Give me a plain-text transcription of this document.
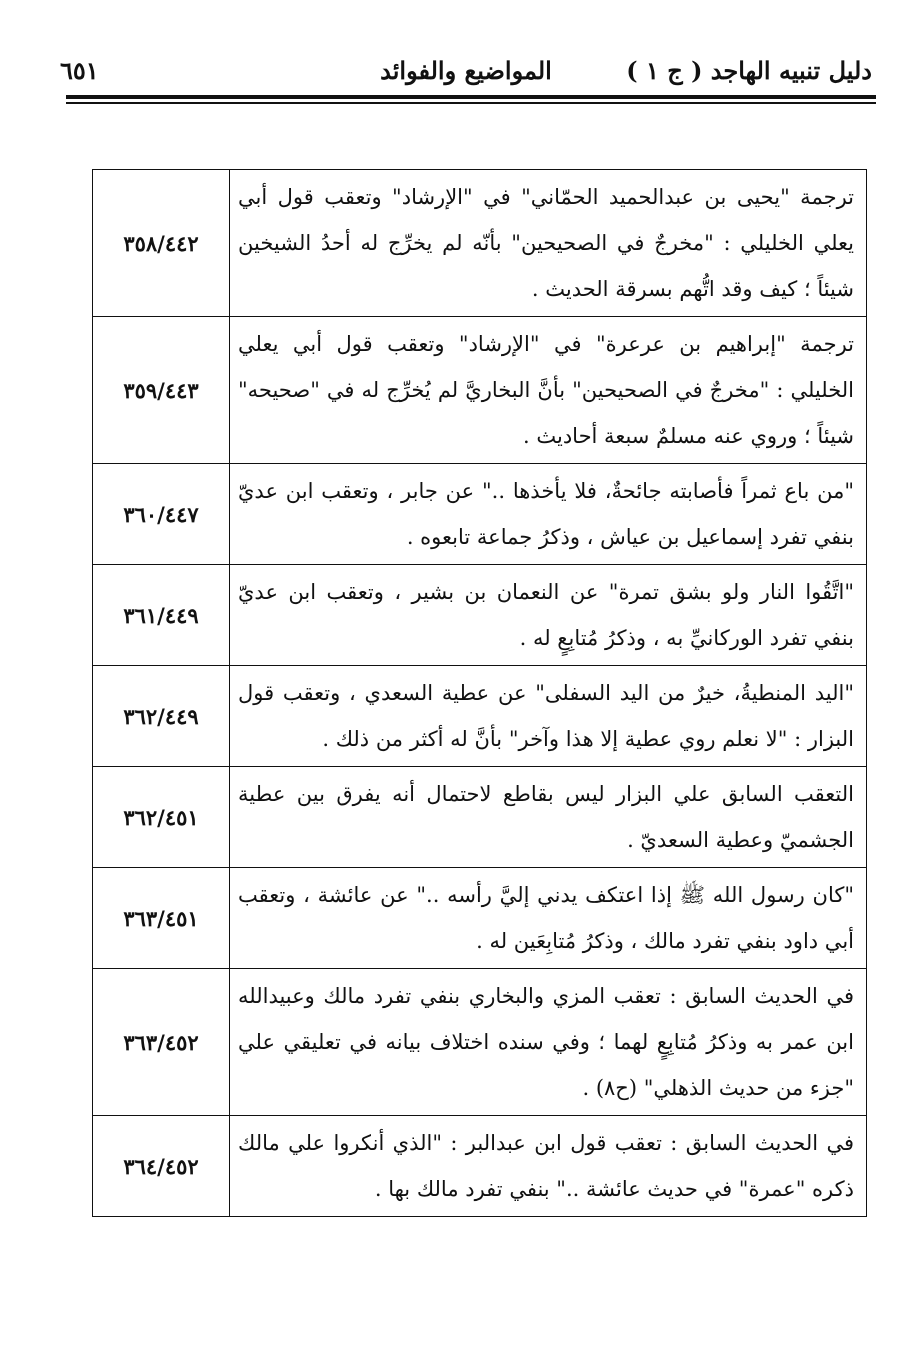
دليل تنبيه الهاجد ( ج ١ )
المواضيع والفوائد
٦٥١
ترجمة "يحيى بن عبدالحميد الحمّاني" في "الإرشاد" وتعقب قول أبي يعلي الخليلي : "مخرجٌ في الصحيحين" بأنّه لم يخرِّج له أحدُ الشيخين شيئاً ؛ كيف وقد اتُّهم بسرقة الحديث .	٣٥٨/٤٤٢
ترجمة "إبراهيم بن عرعرة" في "الإرشاد" وتعقب قول أبي يعلي الخليلي : "مخرجٌ في الصحيحين" بأنَّ البخاريَّ لم يُخرِّج له في "صحيحه" شيئاً ؛ وروي عنه مسلمٌ سبعة أحاديث .	٣٥٩/٤٤٣
"من باع ثمراً فأصابته جائحةٌ، فلا يأخذها .." عن جابر ، وتعقب ابن عديّ بنفي تفرد إسماعيل بن عياش ، وذكرُ جماعة تابعوه .	٣٦٠/٤٤٧
"اتَّقُوا النار ولو بشق تمرة" عن النعمان بن بشير ، وتعقب ابن عديّ بنفي تفرد الوركانيِّ به ، وذكرُ مُتابِعٍ له .	٣٦١/٤٤٩
"اليد المنطيةُ، خيرٌ من اليد السفلى" عن عطية السعدي ، وتعقب قول البزار : "لا نعلم روي عطية إلا هذا وآخر" بأنَّ له أكثر من ذلك .	٣٦٢/٤٤٩
التعقب السابق علي البزار ليس بقاطع لاحتمال أنه يفرق بين عطية الجشميّ وعطية السعديّ .	٣٦٢/٤٥١
"كان رسول الله ﷺ إذا اعتكف يدني إليَّ رأسه .." عن عائشة ، وتعقب أبي داود بنفي تفرد مالك ، وذكرُ مُتابِعَين له .	٣٦٣/٤٥١
في الحديث السابق : تعقب المزي والبخاري بنفي تفرد مالك وعبيدالله ابن عمر به وذكرُ مُتابِعٍ لهما ؛ وفي سنده اختلاف بيانه في تعليقي علي "جزء من حديث الذهلي" (ح٨) .	٣٦٣/٤٥٢
في الحديث السابق : تعقب قول ابن عبدالبر : "الذي أنكروا علي مالك ذكره "عمرة" في حديث عائشة .." بنفي تفرد مالك بها .	٣٦٤/٤٥٢
